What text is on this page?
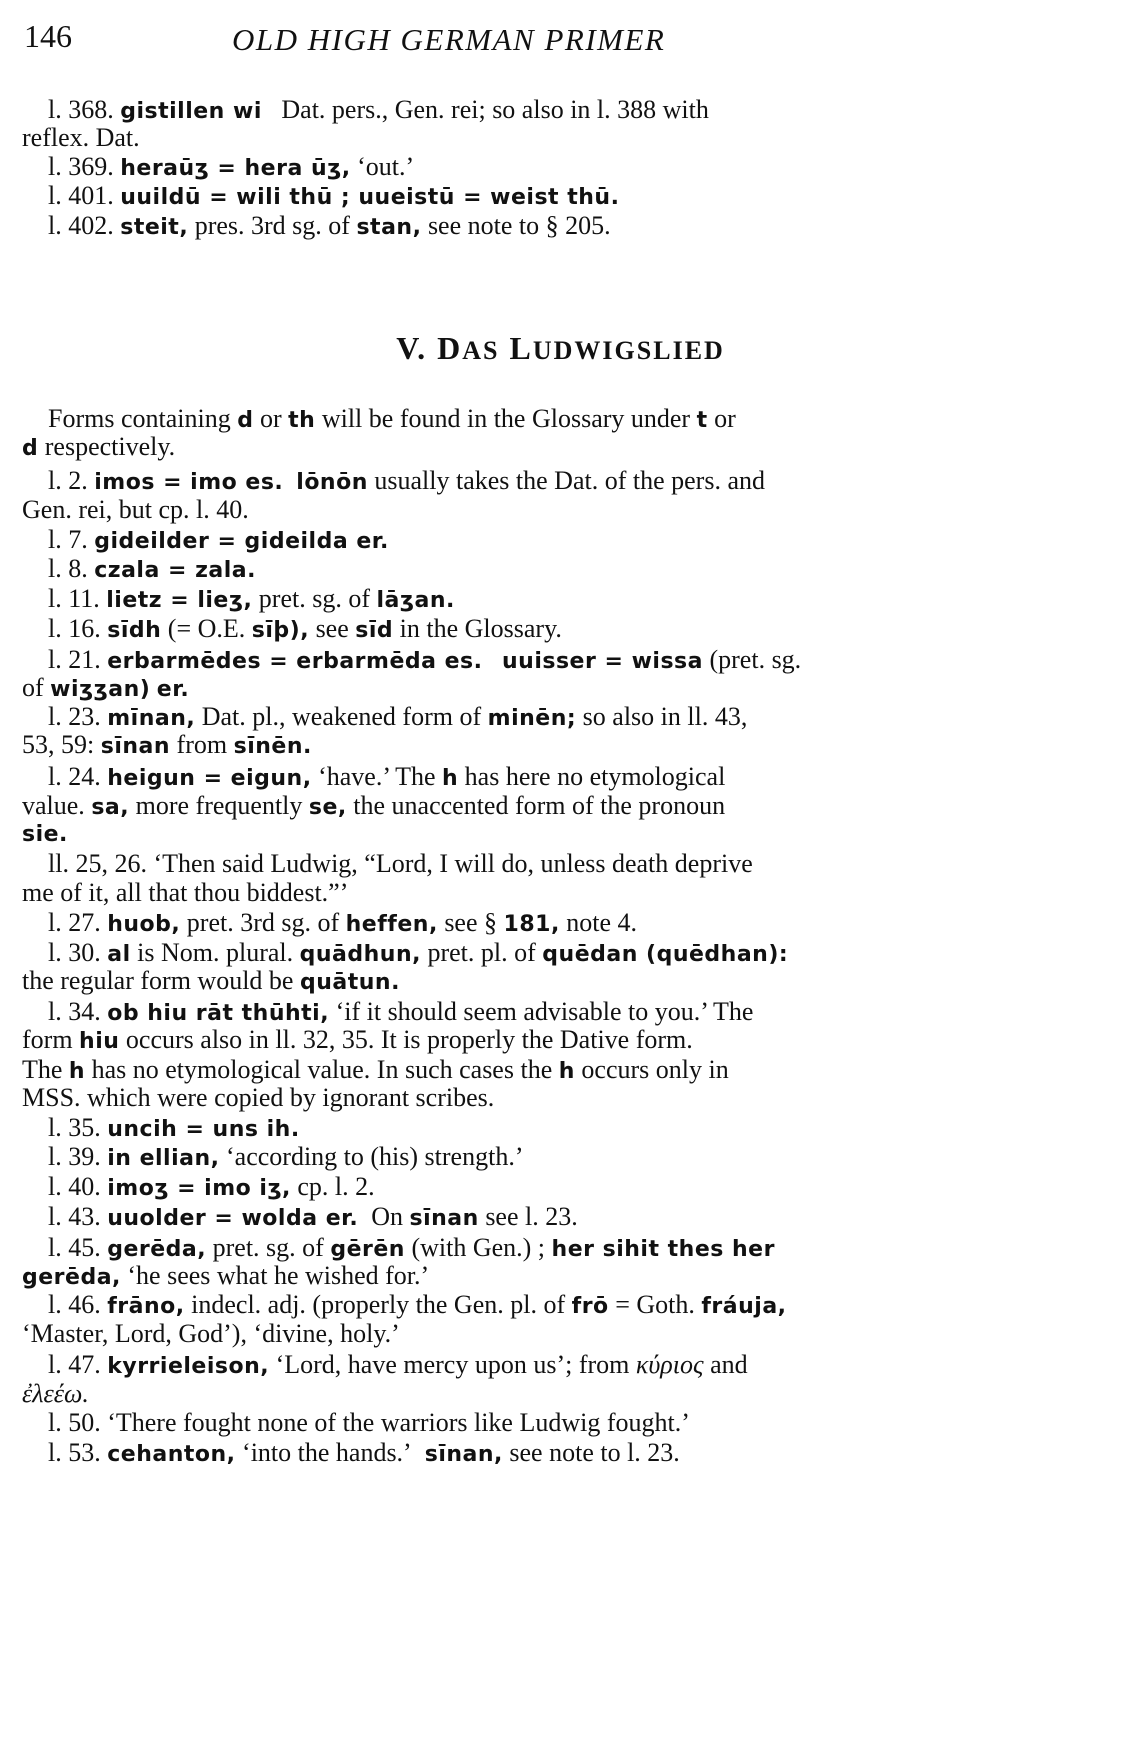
146	OLD HIGH GERMAN PRIMER
l. 368. gistillen wi Dat. pers., Gen. rei; so also in l. 388 with
reflex. Dat.
l. 369. heraūʒ = hera ūʒ, ‘out.’
l. 401. uuildū = wili thū ; uueistū = weist thū.
l. 402. steit, pres. 3rd sg. of stan, see note to § 205.
V. DAS LUDWIGSLIED
Forms containing d or th will be found in the Glossary under t or
d respectively.
l. 2. imos = imo es. lōnōn usually takes the Dat. of the pers. and
Gen. rei, but cp. l. 40.
l. 7. gideilder = gideilda er.
l. 8. czala = zala.
l. 11. lietz = lieʒ, pret. sg. of lāʒan.
l. 16. sīdh (= O.E. sīþ), see sīd in the Glossary.
l. 21. erbarmēdes = erbarmēda es. uuisser = wissa (pret. sg.
of wiʒʒan) er.
l. 23. mīnan, Dat. pl., weakened form of minēn; so also in ll. 43,
53, 59: sīnan from sīnēn.
l. 24. heigun = eigun, ‘have.’ The h has here no etymological
value. sa, more frequently se, the unaccented form of the pronoun
sie.
ll. 25, 26. ‘Then said Ludwig, “Lord, I will do, unless death deprive
me of it, all that thou biddest.”’
l. 27. huob, pret. 3rd sg. of heffen, see § 181, note 4.
l. 30. al is Nom. plural. quādhun, pret. pl. of quēdan (quēdhan):
the regular form would be quātun.
l. 34. ob hiu rāt thūhti, ‘if it should seem advisable to you.’ The
form hiu occurs also in ll. 32, 35. It is properly the Dative form.
The h has no etymological value. In such cases the h occurs only in
MSS. which were copied by ignorant scribes.
l. 35. uncih = uns ih.
l. 39. in ellian, ‘according to (his) strength.’
l. 40. imoʒ = imo iʒ, cp. l. 2.
l. 43. uuolder = wolda er. On sīnan see l. 23.
l. 45. gerēda, pret. sg. of gērēn (with Gen.) ; her sihit thes her
gerēda, ‘he sees what he wished for.’
l. 46. frāno, indecl. adj. (properly the Gen. pl. of frō = Goth. fráuja,
‘Master, Lord, God’), ‘divine, holy.’
l. 47. kyrrieleison, ‘Lord, have mercy upon us’; from κύριος and
ἐλεέω.
l. 50. ‘There fought none of the warriors like Ludwig fought.’
l. 53. cehanton, ‘into the hands.’ sīnan, see note to l. 23.
